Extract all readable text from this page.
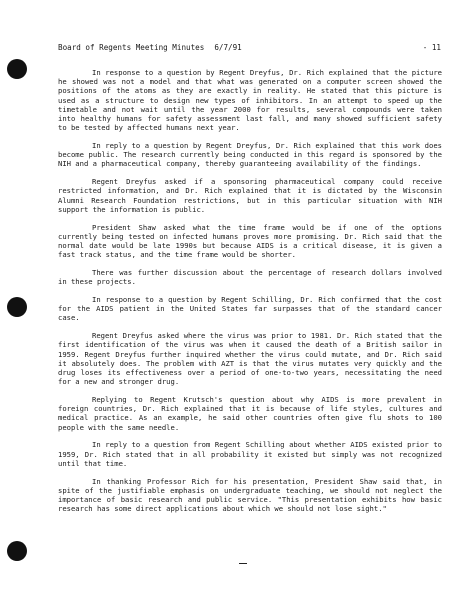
Board of Regents Meeting Minutes 6/7/91	- 11

In response to a question by Regent Dreyfus, Dr. Rich explained that the picture he showed was not a model and that what was generated on a computer screen showed the positions of the atoms as they are exactly in reality. He stated that this picture is used as a structure to design new types of inhibitors. In an attempt to speed up the timetable and not wait until the year 2000 for results, several compounds were taken into healthy humans for safety assessment last fall, and many showed sufficient safety to be tested by affected humans next year.

In reply to a question by Regent Dreyfus, Dr. Rich explained that this work does become public. The research currently being conducted in this regard is sponsored by the NIH and a pharmaceutical company, thereby guaranteeing availability of the findings.

Regent Dreyfus asked if a sponsoring pharmaceutical company could receive restricted information, and Dr. Rich explained that it is dictated by the Wisconsin Alumni Research Foundation restrictions, but in this particular situation with NIH support the information is public.

President Shaw asked what the time frame would be if one of the options currently being tested on infected humans proves more promising. Dr. Rich said that the normal date would be late 1990s but because AIDS is a critical disease, it is given a fast track status, and the time frame would be shorter.

There was further discussion about the percentage of research dollars involved in these projects.

In response to a question by Regent Schilling, Dr. Rich confirmed that the cost for the AIDS patient in the United States far surpasses that of the standard cancer case.

Regent Dreyfus asked where the virus was prior to 1981. Dr. Rich stated that the first identification of the virus was when it caused the death of a British sailor in 1959. Regent Dreyfus further inquired whether the virus could mutate, and Dr. Rich said it absolutely does. The problem with AZT is that the virus mutates very quickly and the drug loses its effectiveness over a period of one-to-two years, necessitating the need for a new and stronger drug.

Replying to Regent Krutsch's question about why AIDS is more prevalent in foreign countries, Dr. Rich explained that it is because of life styles, cultures and medical practice. As an example, he said other countries often give flu shots to 100 people with the same needle.

In reply to a question from Regent Schilling about whether AIDS existed prior to 1959, Dr. Rich stated that in all probability it existed but simply was not recognized until that time.

In thanking Professor Rich for his presentation, President Shaw said that, in spite of the justifiable emphasis on undergraduate teaching, we should not neglect the importance of basic research and public service. "This presentation exhibits how basic research has some direct applications about which we should not lose sight."
